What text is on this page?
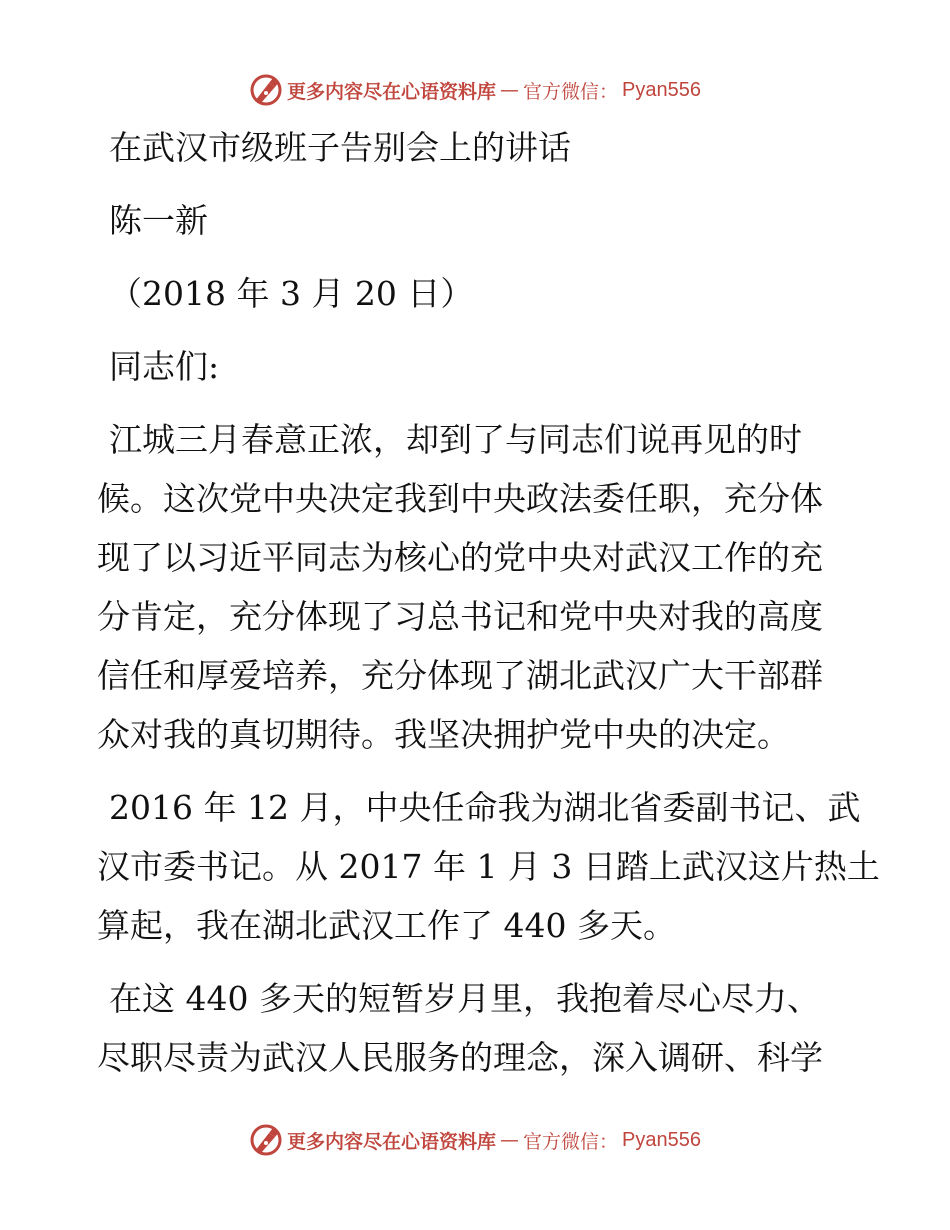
更多内容尽在心语资料库 — 官方微信： Pyan556

在武汉市级班子告别会上的讲话

陈一新

（2018 年 3 月 20 日）

同志们:

江城三月春意正浓，却到了与同志们说再见的时
候。这次党中央决定我到中央政法委任职，充分体
现了以习近平同志为核心的党中央对武汉工作的充
分肯定，充分体现了习总书记和党中央对我的高度
信任和厚爱培养，充分体现了湖北武汉广大干部群
众对我的真切期待。我坚决拥护党中央的决定。
2016 年 12 月，中央任命我为湖北省委副书记、武
汉市委书记。从 2017 年 1 月 3 日踏上武汉这片热土
算起，我在湖北武汉工作了 440 多天。
在这 440 多天的短暂岁月里，我抱着尽心尽力、
尽职尽责为武汉人民服务的理念，深入调研、科学
更多内容尽在心语资料库 — 官方微信： Pyan556
